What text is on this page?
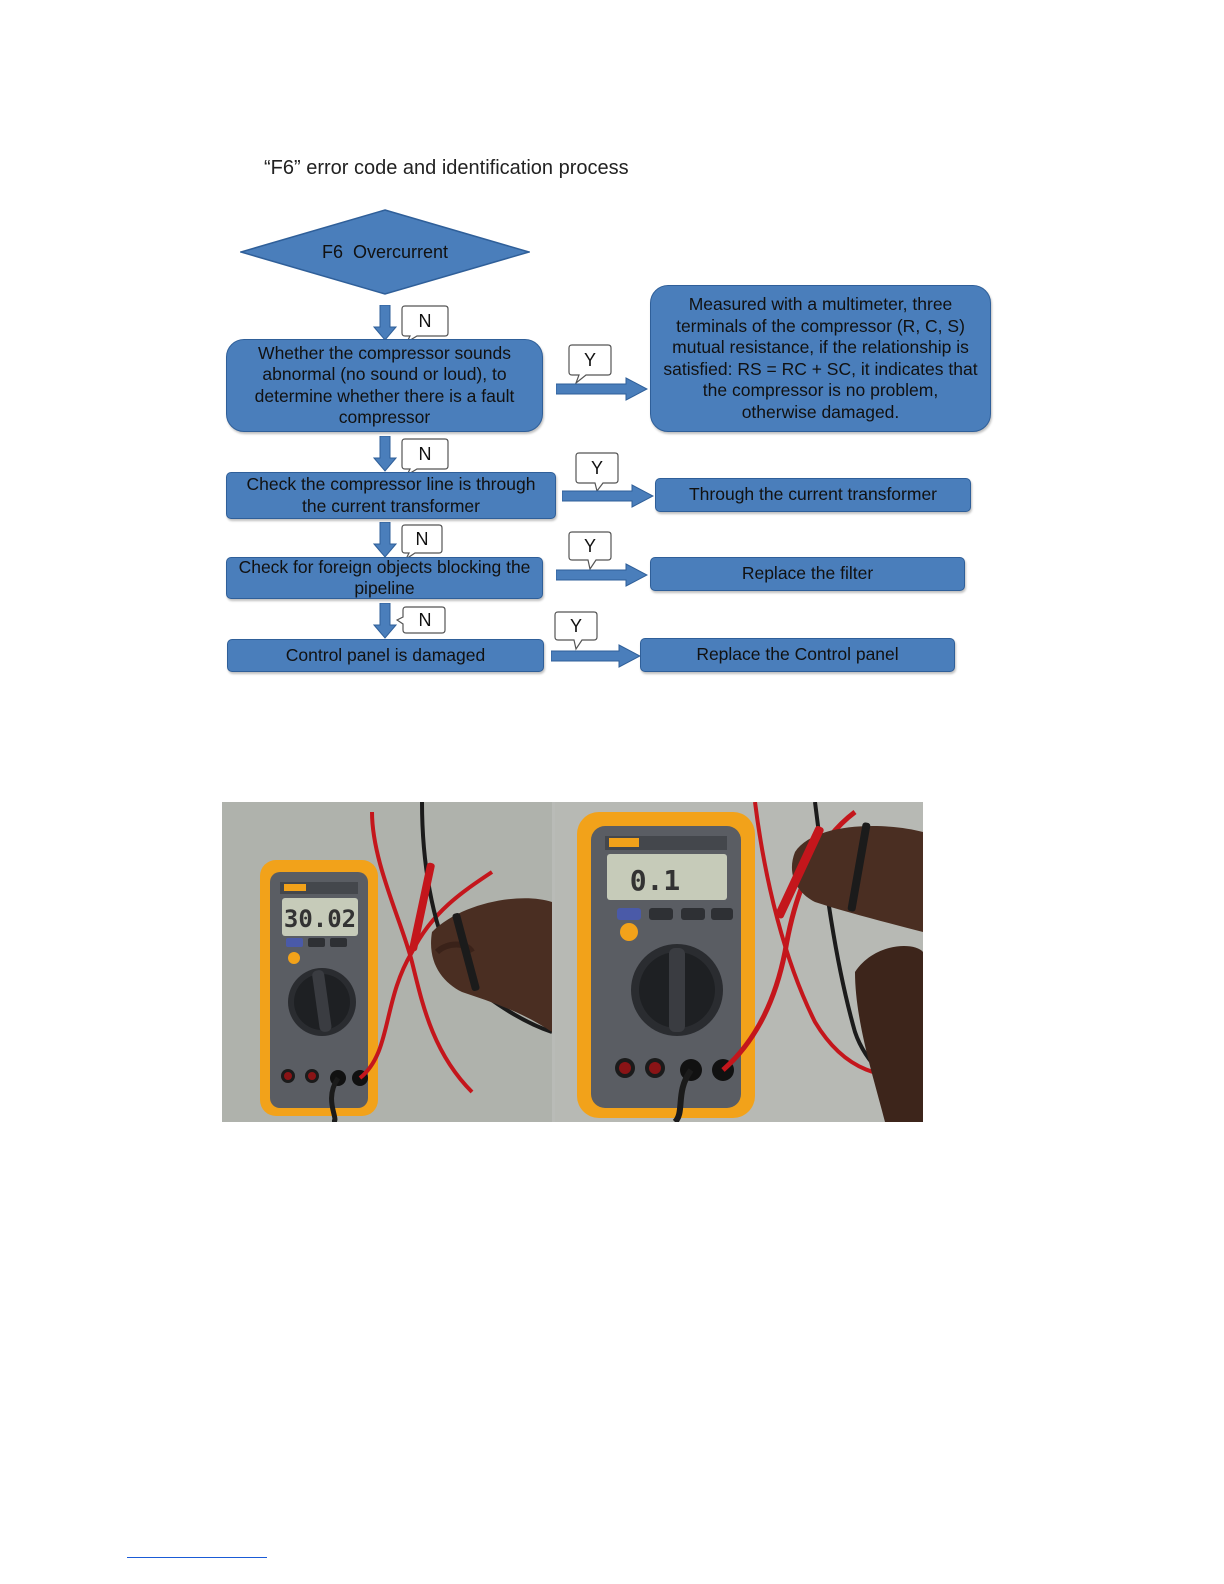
“F6” error code and identification process
F6  Overcurrent
N
N
N
N
Y
Y
Y
Y
Whether the compressor sounds abnormal (no sound or loud), to determine whether there is a fault compressor
Check the compressor line is through the current transformer
Check for foreign objects blocking the pipeline
Control panel is damaged
Measured with a multimeter, three terminals of the compressor (R, C, S) mutual resistance, if the relationship is satisfied: RS = RC + SC, it indicates that the compressor is no problem, otherwise damaged.
Through the current transformer
Replace the filter
Replace the Control panel
30.02
0.1
